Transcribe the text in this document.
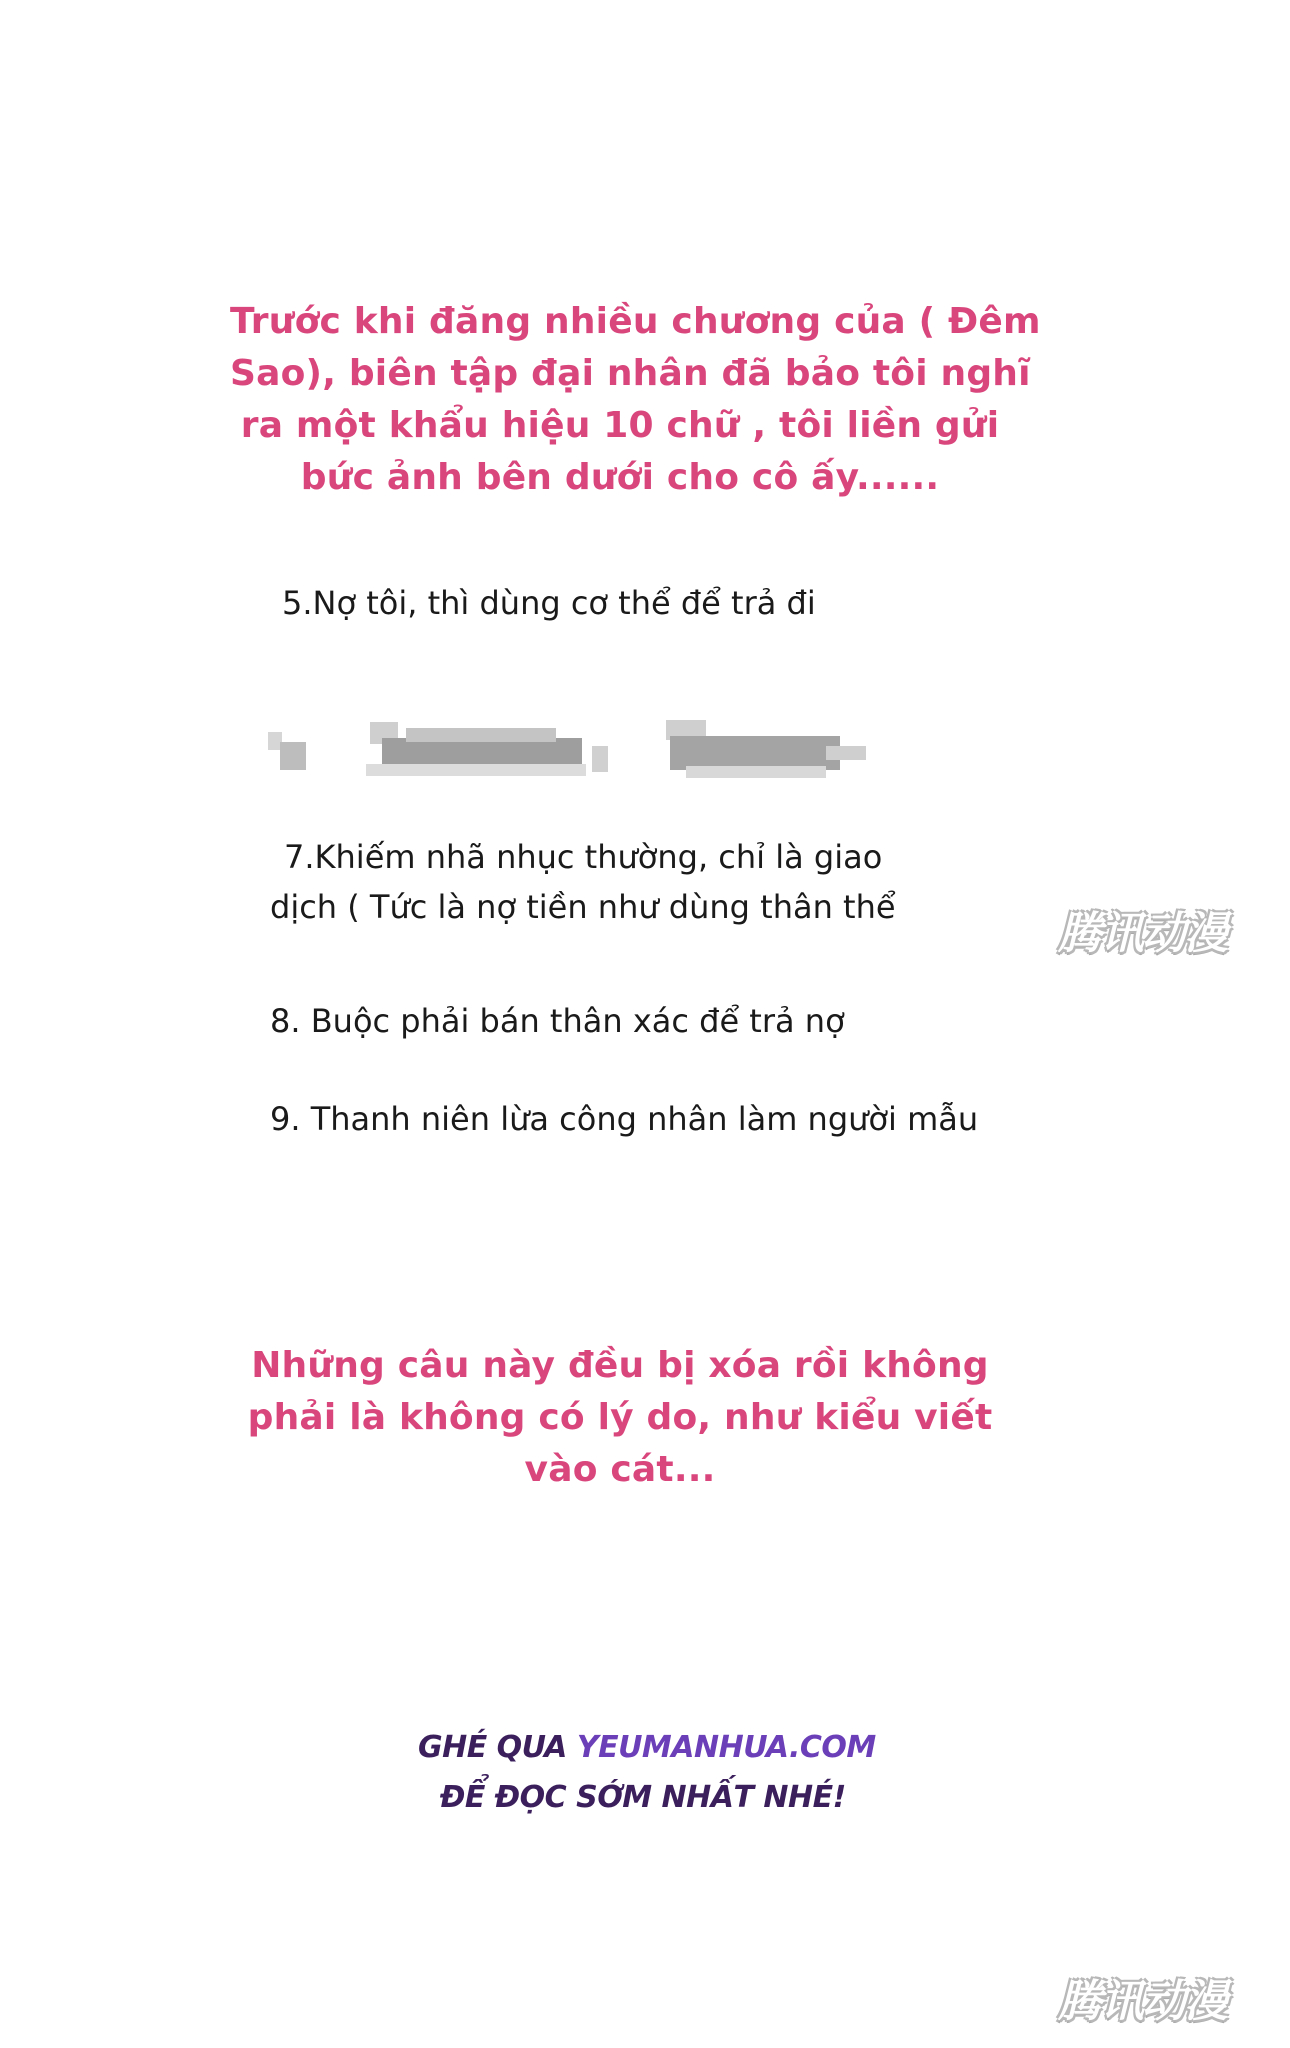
Trước khi đăng nhiều chương của ( Đêm
Sao), biên tập đại nhân đã bảo tôi nghĩ
ra một khẩu hiệu 10 chữ , tôi liền gửi
bức ảnh bên dưới cho cô ấy......
5.Nợ tôi, thì dùng cơ thể để trả đi
7.Khiếm nhã nhục thường, chỉ là giao
dịch ( Tức là nợ tiền như dùng thân thể
8. Buộc phải bán thân xác để trả nợ
9. Thanh niên lừa công nhân làm người mẫu
Những câu này đều bị xóa rồi không
phải là không có lý do, như kiểu viết
vào cát...
腾讯动漫
腾讯动漫
GHÉ QUA YEUMANHUA.COM
ĐỂ ĐỌC SỚM NHẤT NHÉ!
